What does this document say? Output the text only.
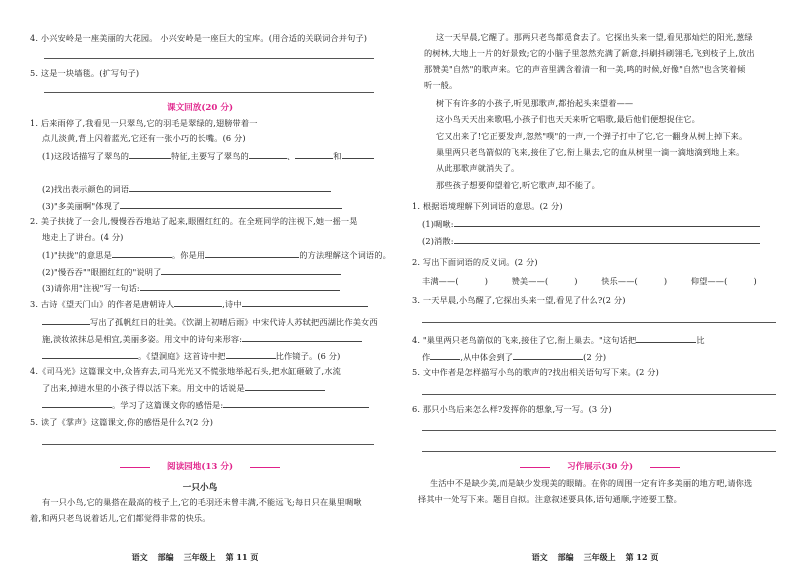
4. 小兴安岭是一座美丽的大花园。 小兴安岭是一座巨大的宝库。(用合适的关联词合并句子)
5. 这是一块墙毯。(扩写句子)
课文回放(20 分)
1. 后来雨停了,我看见一只翠鸟,它的羽毛是翠绿的,翅膀带着一
点儿淡黄,背上闪着蓝光,它还有一张小巧的长嘴。(6 分)
(1)这段话描写了翠鸟的	特征,主要写了翠鸟的	、	和
(2)找出表示颜色的词语
(3)"多美丽啊"体现了
2. 美子扶拢了一会儿,慢慢吞吞地站了起来,眼圈红红的。在全班同学的注视下,她一摇一晃
地走上了讲台。(4 分)
(1)"扶拢"的意思是	。你是用	的方法理解这个词语的。
(2)"慢吞吞""眼圈红红的"说明了
(3)请你用"注视"写一句话:
3. 古诗《望天门山》的作者是唐朝诗人	,诗中
写出了孤帆红日的壮美。《饮湖上初晴后雨》中宋代诗人苏轼把西湖比作美女西
施,淡妆浓抹总是相宜,美丽多姿。用文中的诗句来形容:
。《望洞庭》这首诗中把	比作镜子。(6 分)
4.《司马光》这篇课文中,众皆弃去,司马光光又不慌张地举起石头,把水缸砸破了,水流
了出来,掉进水里的小孩子得以活下来。用文中的话说是
。学习了这篇课文你的感悟是:
5. 读了《掌声》这篇课文,你的感悟是什么?(2 分)
阅读园地(13 分)
一只小鸟
有一只小鸟,它的巢搭在最高的枝子上,它的毛羽还未曾丰满,不能远飞;每日只在巢里啁啾
着,和两只老鸟说着话儿,它们都觉得非常的快乐。
语文 部编 三年级上 第 11 页
这一天早晨,它醒了。那两只老鸟都觅食去了。它探出头来一望,看见那灿烂的阳光,葱绿
的树林,大地上一片的好景致;它的小脑子里忽然充满了新意,抖刷抖刷翎毛,飞到枝子上,放出
那赞美"自然"的歌声来。它的声音里满含着清一和一美,鸣的时候,好像"自然"也含笑着倾
听一般。
树下有许多的小孩子,听见那歌声,都抬起头来望着——
这小鸟天天出来歌唱,小孩子们也天天来听它唱歌,最后他们便想捉住它。
它又出来了!它正要发声,忽然"噗"的一声,一个弹子打中了它,它一翻身从树上掉下来。
巢里两只老鸟箭似的飞来,接住了它,衔上巢去,它的血从树里一滴一滴地滴到地上来。
从此那歌声就消失了。
那些孩子想要仰望着它,听它歌声,却不能了。
1. 根据语境理解下列词语的意思。(2 分)
(1)啁啾:
(2)消散:
2. 写出下面词语的反义词。(2 分)
丰满——(	)	赞美——(	)	快乐——(	)	仰望——(	)
3. 一天早晨,小鸟醒了,它探出头来一望,看见了什么?(2 分)
4. "巢里两只老鸟箭似的飞来,接住了它,衔上巢去。"这句话把	比
作	,从中体会到了	(2 分)
5. 文中作者是怎样描写小鸟的歌声的?找出相关语句写下来。(2 分)
6. 那只小鸟后来怎么样?发挥你的想象,写一写。(3 分)
习作展示(30 分)
生活中不是缺少美,而是缺少发现美的眼睛。在你的周围一定有许多美丽的地方吧,请你选
择其中一处写下来。题目自拟。注意叙述要具体,语句通顺,字迹要工整。
语文 部编 三年级上 第 12 页
